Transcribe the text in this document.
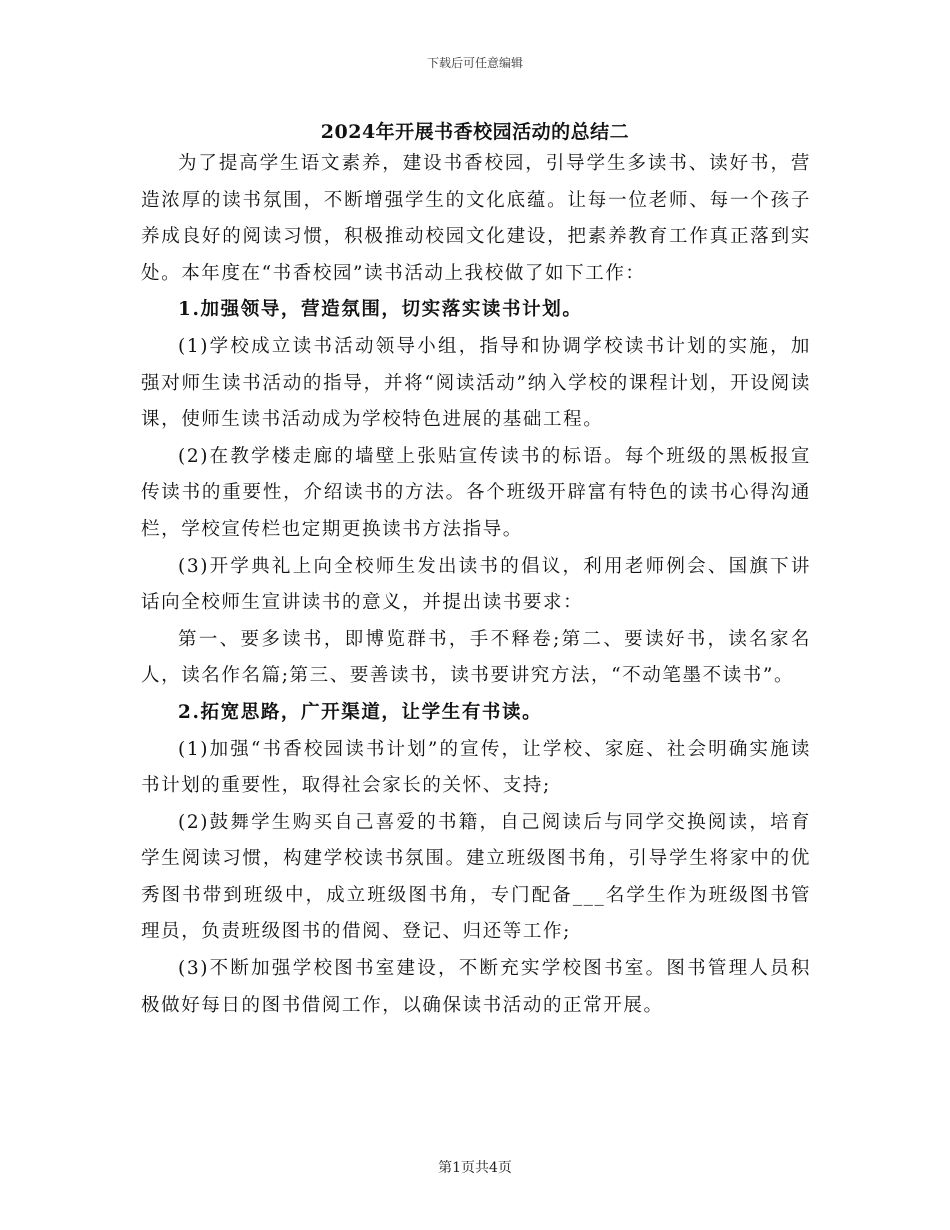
下载后可任意编辑
2024年开展书香校园活动的总结二

为了提高学生语文素养，建设书香校园，引导学生多读书、读好书，营造浓厚的读书氛围，不断增强学生的文化底蕴。让每一位老师、每一个孩子养成良好的阅读习惯，积极推动校园文化建设，把素养教育工作真正落到实处。本年度在“书香校园”读书活动上我校做了如下工作：

1.加强领导，营造氛围，切实落实读书计划。

(1)学校成立读书活动领导小组，指导和协调学校读书计划的实施，加强对师生读书活动的指导，并将“阅读活动”纳入学校的课程计划，开设阅读课，使师生读书活动成为学校特色进展的基础工程。

(2)在教学楼走廊的墙壁上张贴宣传读书的标语。每个班级的黑板报宣传读书的重要性，介绍读书的方法。各个班级开辟富有特色的读书心得沟通栏，学校宣传栏也定期更换读书方法指导。

(3)开学典礼上向全校师生发出读书的倡议，利用老师例会、国旗下讲话向全校师生宣讲读书的意义，并提出读书要求：

第一、要多读书，即博览群书，手不释卷;第二、要读好书，读名家名人，读名作名篇;第三、要善读书，读书要讲究方法，“不动笔墨不读书”。

2.拓宽思路，广开渠道，让学生有书读。

(1)加强“书香校园读书计划”的宣传，让学校、家庭、社会明确实施读书计划的重要性，取得社会家长的关怀、支持;

(2)鼓舞学生购买自己喜爱的书籍，自己阅读后与同学交换阅读，培育学生阅读习惯，构建学校读书氛围。建立班级图书角，引导学生将家中的优秀图书带到班级中，成立班级图书角，专门配备___名学生作为班级图书管理员，负责班级图书的借阅、登记、归还等工作;

(3)不断加强学校图书室建设，不断充实学校图书室。图书管理人员积极做好每日的图书借阅工作，以确保读书活动的正常开展。

第1页共4页
